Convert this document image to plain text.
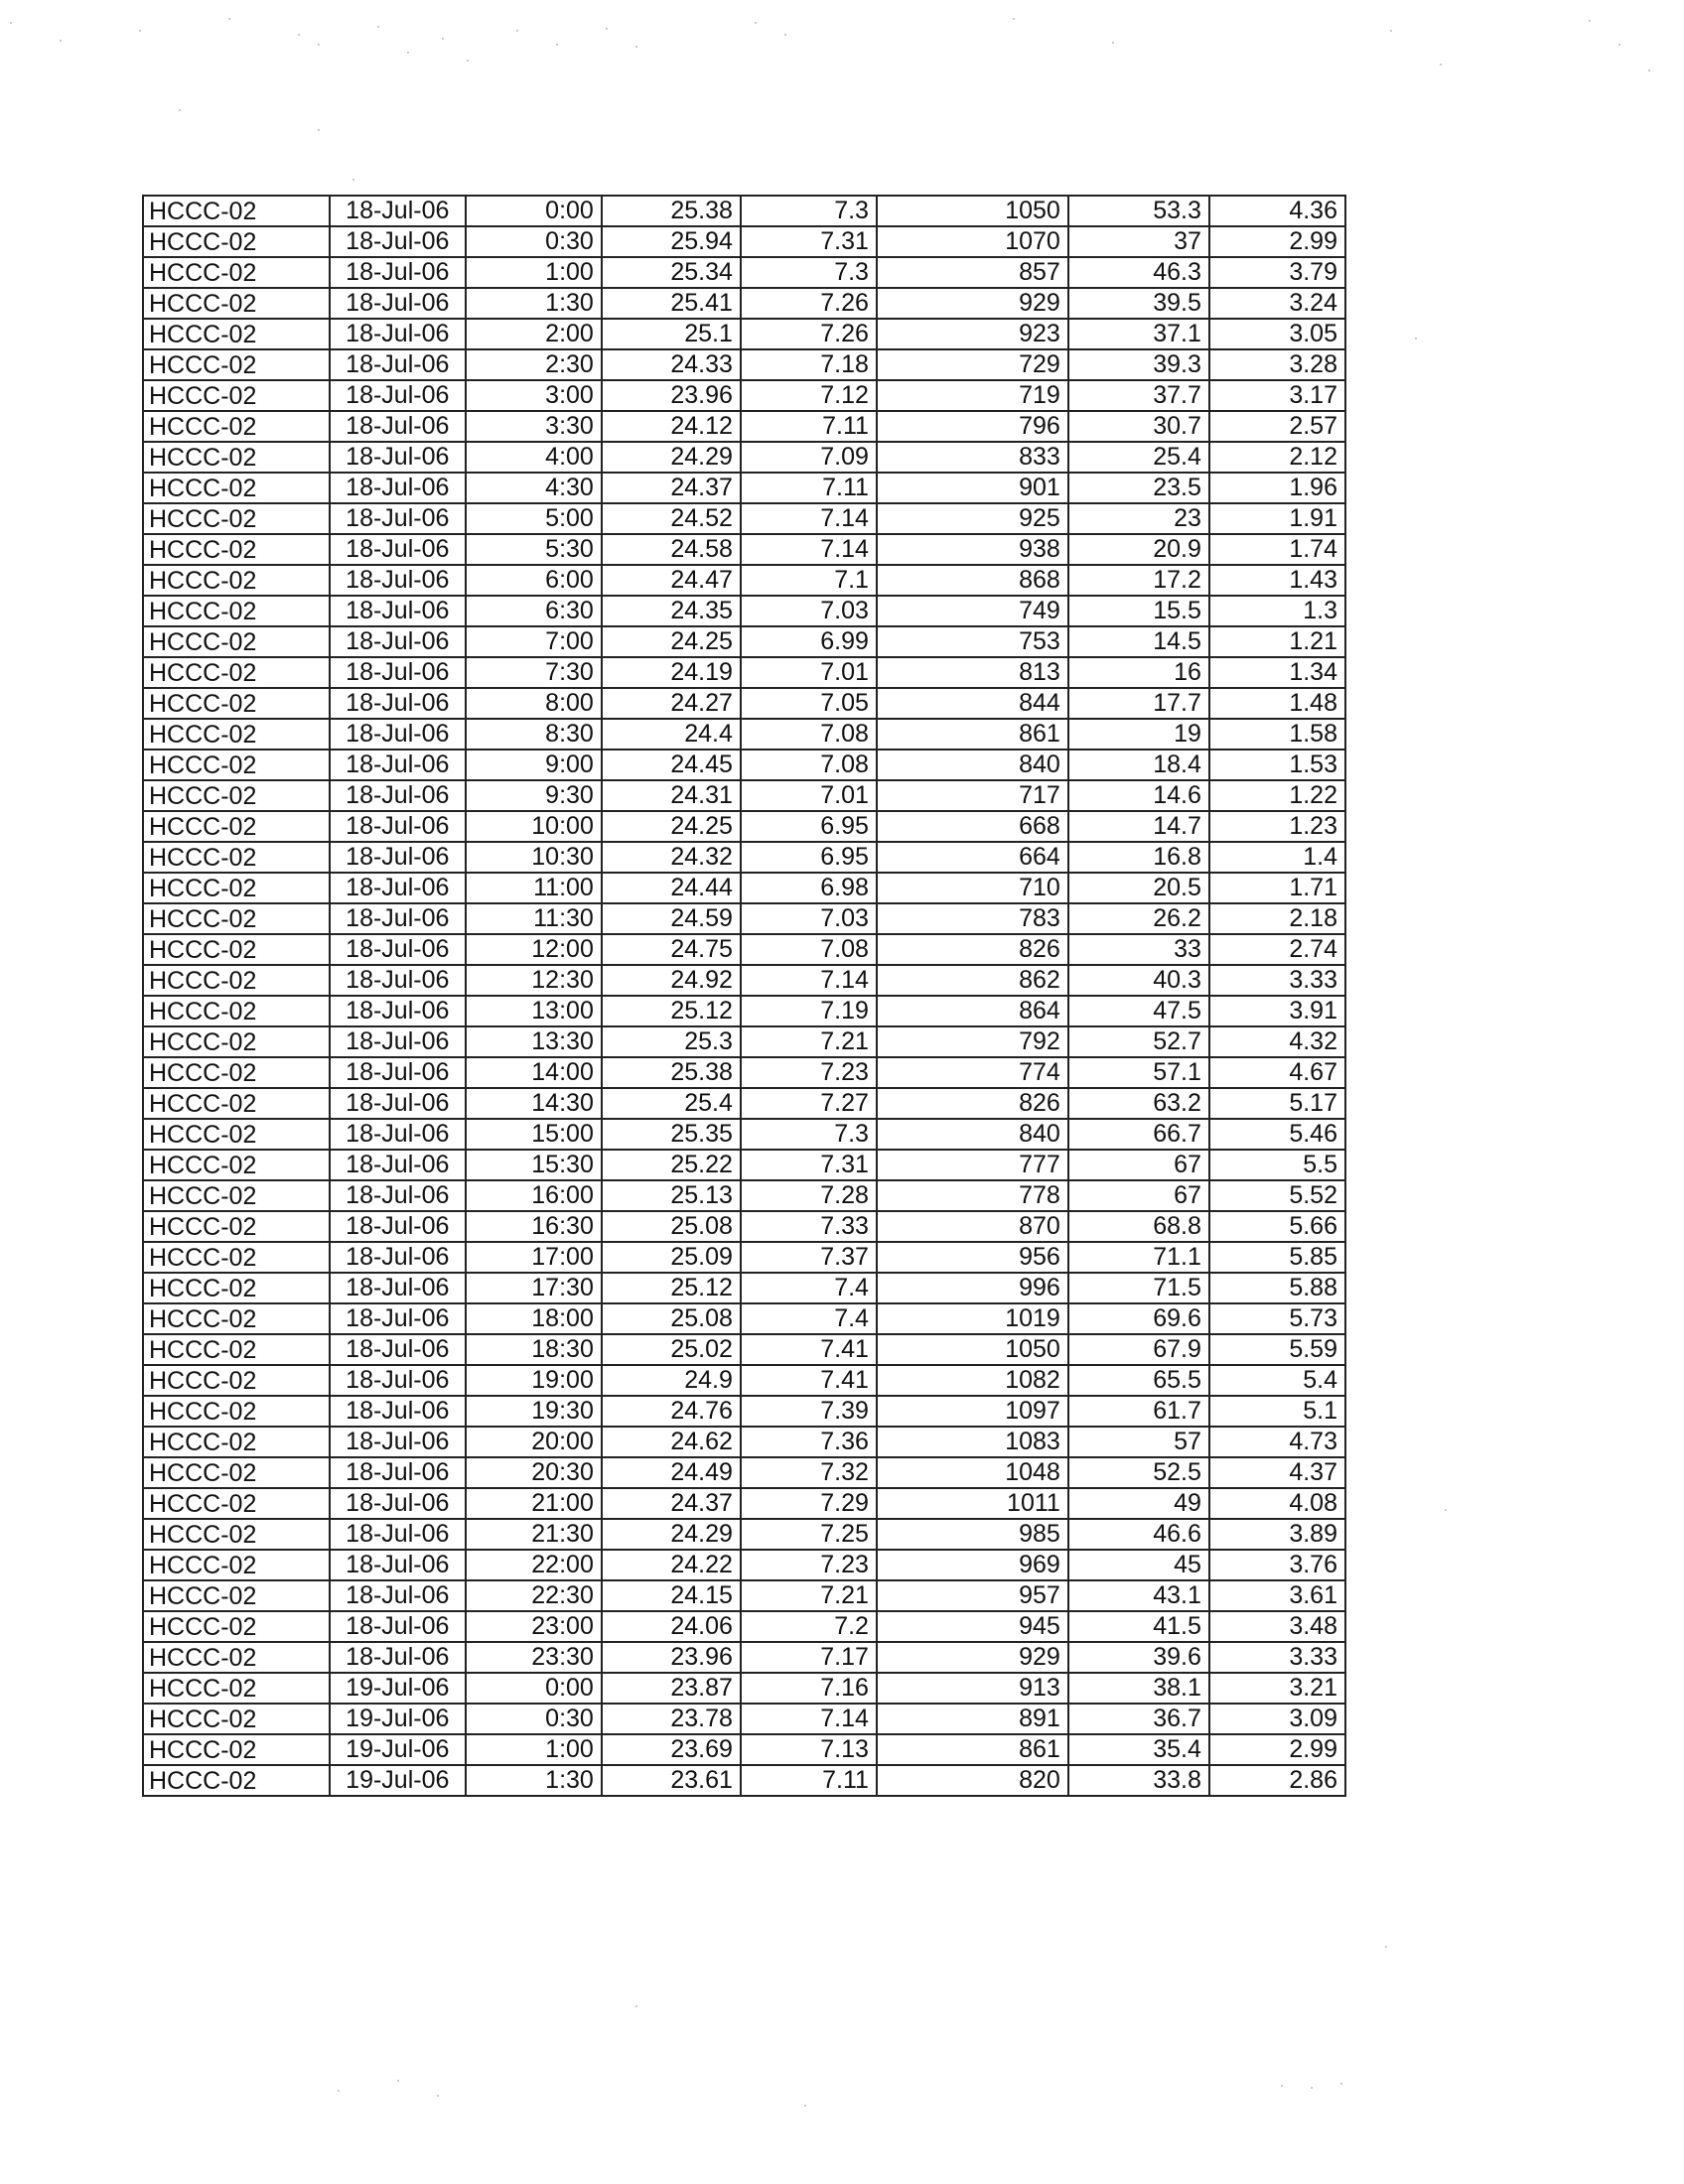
HCCC-02	18-Jul-06	0:00	25.38	7.3	1050	53.3	4.36
HCCC-02	18-Jul-06	0:30	25.94	7.31	1070	37	2.99
HCCC-02	18-Jul-06	1:00	25.34	7.3	857	46.3	3.79
HCCC-02	18-Jul-06	1:30	25.41	7.26	929	39.5	3.24
HCCC-02	18-Jul-06	2:00	25.1	7.26	923	37.1	3.05
HCCC-02	18-Jul-06	2:30	24.33	7.18	729	39.3	3.28
HCCC-02	18-Jul-06	3:00	23.96	7.12	719	37.7	3.17
HCCC-02	18-Jul-06	3:30	24.12	7.11	796	30.7	2.57
HCCC-02	18-Jul-06	4:00	24.29	7.09	833	25.4	2.12
HCCC-02	18-Jul-06	4:30	24.37	7.11	901	23.5	1.96
HCCC-02	18-Jul-06	5:00	24.52	7.14	925	23	1.91
HCCC-02	18-Jul-06	5:30	24.58	7.14	938	20.9	1.74
HCCC-02	18-Jul-06	6:00	24.47	7.1	868	17.2	1.43
HCCC-02	18-Jul-06	6:30	24.35	7.03	749	15.5	1.3
HCCC-02	18-Jul-06	7:00	24.25	6.99	753	14.5	1.21
HCCC-02	18-Jul-06	7:30	24.19	7.01	813	16	1.34
HCCC-02	18-Jul-06	8:00	24.27	7.05	844	17.7	1.48
HCCC-02	18-Jul-06	8:30	24.4	7.08	861	19	1.58
HCCC-02	18-Jul-06	9:00	24.45	7.08	840	18.4	1.53
HCCC-02	18-Jul-06	9:30	24.31	7.01	717	14.6	1.22
HCCC-02	18-Jul-06	10:00	24.25	6.95	668	14.7	1.23
HCCC-02	18-Jul-06	10:30	24.32	6.95	664	16.8	1.4
HCCC-02	18-Jul-06	11:00	24.44	6.98	710	20.5	1.71
HCCC-02	18-Jul-06	11:30	24.59	7.03	783	26.2	2.18
HCCC-02	18-Jul-06	12:00	24.75	7.08	826	33	2.74
HCCC-02	18-Jul-06	12:30	24.92	7.14	862	40.3	3.33
HCCC-02	18-Jul-06	13:00	25.12	7.19	864	47.5	3.91
HCCC-02	18-Jul-06	13:30	25.3	7.21	792	52.7	4.32
HCCC-02	18-Jul-06	14:00	25.38	7.23	774	57.1	4.67
HCCC-02	18-Jul-06	14:30	25.4	7.27	826	63.2	5.17
HCCC-02	18-Jul-06	15:00	25.35	7.3	840	66.7	5.46
HCCC-02	18-Jul-06	15:30	25.22	7.31	777	67	5.5
HCCC-02	18-Jul-06	16:00	25.13	7.28	778	67	5.52
HCCC-02	18-Jul-06	16:30	25.08	7.33	870	68.8	5.66
HCCC-02	18-Jul-06	17:00	25.09	7.37	956	71.1	5.85
HCCC-02	18-Jul-06	17:30	25.12	7.4	996	71.5	5.88
HCCC-02	18-Jul-06	18:00	25.08	7.4	1019	69.6	5.73
HCCC-02	18-Jul-06	18:30	25.02	7.41	1050	67.9	5.59
HCCC-02	18-Jul-06	19:00	24.9	7.41	1082	65.5	5.4
HCCC-02	18-Jul-06	19:30	24.76	7.39	1097	61.7	5.1
HCCC-02	18-Jul-06	20:00	24.62	7.36	1083	57	4.73
HCCC-02	18-Jul-06	20:30	24.49	7.32	1048	52.5	4.37
HCCC-02	18-Jul-06	21:00	24.37	7.29	1011	49	4.08
HCCC-02	18-Jul-06	21:30	24.29	7.25	985	46.6	3.89
HCCC-02	18-Jul-06	22:00	24.22	7.23	969	45	3.76
HCCC-02	18-Jul-06	22:30	24.15	7.21	957	43.1	3.61
HCCC-02	18-Jul-06	23:00	24.06	7.2	945	41.5	3.48
HCCC-02	18-Jul-06	23:30	23.96	7.17	929	39.6	3.33
HCCC-02	19-Jul-06	0:00	23.87	7.16	913	38.1	3.21
HCCC-02	19-Jul-06	0:30	23.78	7.14	891	36.7	3.09
HCCC-02	19-Jul-06	1:00	23.69	7.13	861	35.4	2.99
HCCC-02	19-Jul-06	1:30	23.61	7.11	820	33.8	2.86
